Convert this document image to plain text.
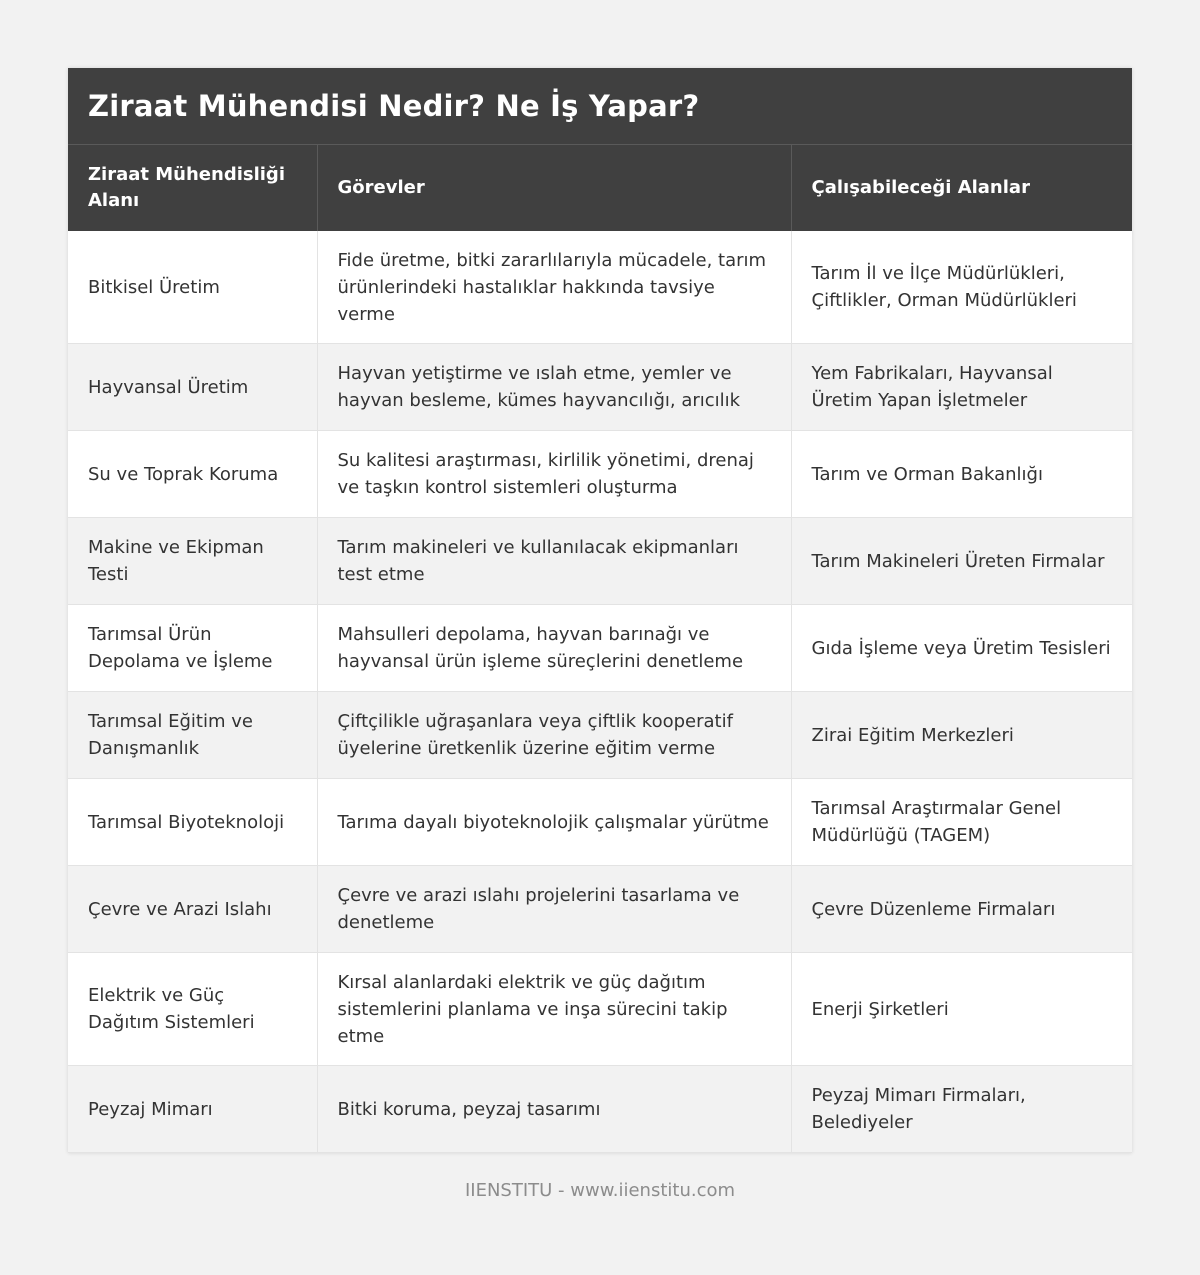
Ziraat Mühendisi Nedir? Ne İş Yapar?
Ziraat Mühendisliği Alanı	Görevler	Çalışabileceği Alanlar
Bitkisel Üretim	Fide üretme, bitki zararlılarıyla mücadele, tarım ürünlerindeki hastalıklar hakkında tavsiye verme	Tarım İl ve İlçe Müdürlükleri, Çiftlikler, Orman Müdürlükleri
Hayvansal Üretim	Hayvan yetiştirme ve ıslah etme, yemler ve hayvan besleme, kümes hayvancılığı, arıcılık	Yem Fabrikaları, Hayvansal Üretim Yapan İşletmeler
Su ve Toprak Koruma	Su kalitesi araştırması, kirlilik yönetimi, drenaj ve taşkın kontrol sistemleri oluşturma	Tarım ve Orman Bakanlığı
Makine ve Ekipman Testi	Tarım makineleri ve kullanılacak ekipmanları test etme	Tarım Makineleri Üreten Firmalar
Tarımsal Ürün Depolama ve İşleme	Mahsulleri depolama, hayvan barınağı ve hayvansal ürün işleme süreçlerini denetleme	Gıda İşleme veya Üretim Tesisleri
Tarımsal Eğitim ve Danışmanlık	Çiftçilikle uğraşanlara veya çiftlik kooperatif üyelerine üretkenlik üzerine eğitim verme	Zirai Eğitim Merkezleri
Tarımsal Biyoteknoloji	Tarıma dayalı biyoteknolojik çalışmalar yürütme	Tarımsal Araştırmalar Genel Müdürlüğü (TAGEM)
Çevre ve Arazi Islahı	Çevre ve arazi ıslahı projelerini tasarlama ve denetleme	Çevre Düzenleme Firmaları
Elektrik ve Güç Dağıtım Sistemleri	Kırsal alanlardaki elektrik ve güç dağıtım sistemlerini planlama ve inşa sürecini takip etme	Enerji Şirketleri
Peyzaj Mimarı	Bitki koruma, peyzaj tasarımı	Peyzaj Mimarı Firmaları, Belediyeler
IIENSTITU - www.iienstitu.com
